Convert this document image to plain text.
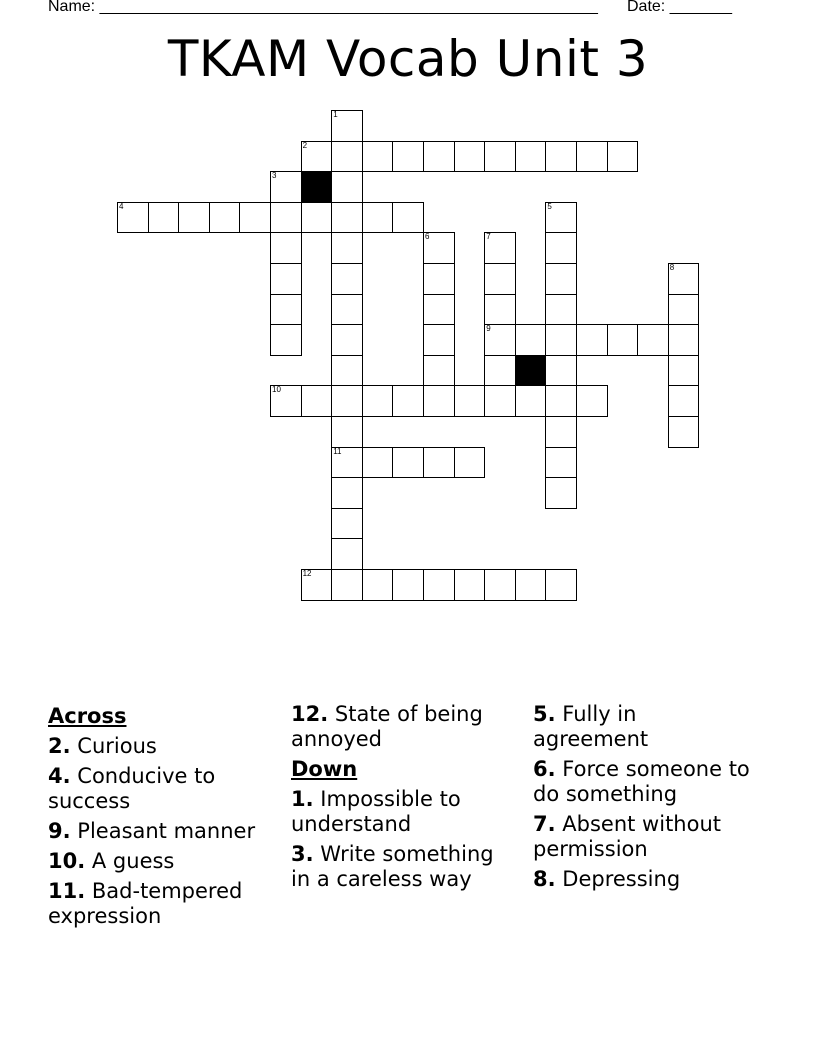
Name: ________________________________________________________ Date: _______
TKAM Vocab Unit 3
1
11
2
3
4	5
6	7
9
8
10
12
Across
2. Curious
4. Conducive to success
9. Pleasant manner
10. A guess
11. Bad-tempered expression
12. State of being annoyed
Down
1. Impossible to understand
3. Write something in a careless way
5. Fully in agreement
6. Force someone to do something
7. Absent without permission
8. Depressing
